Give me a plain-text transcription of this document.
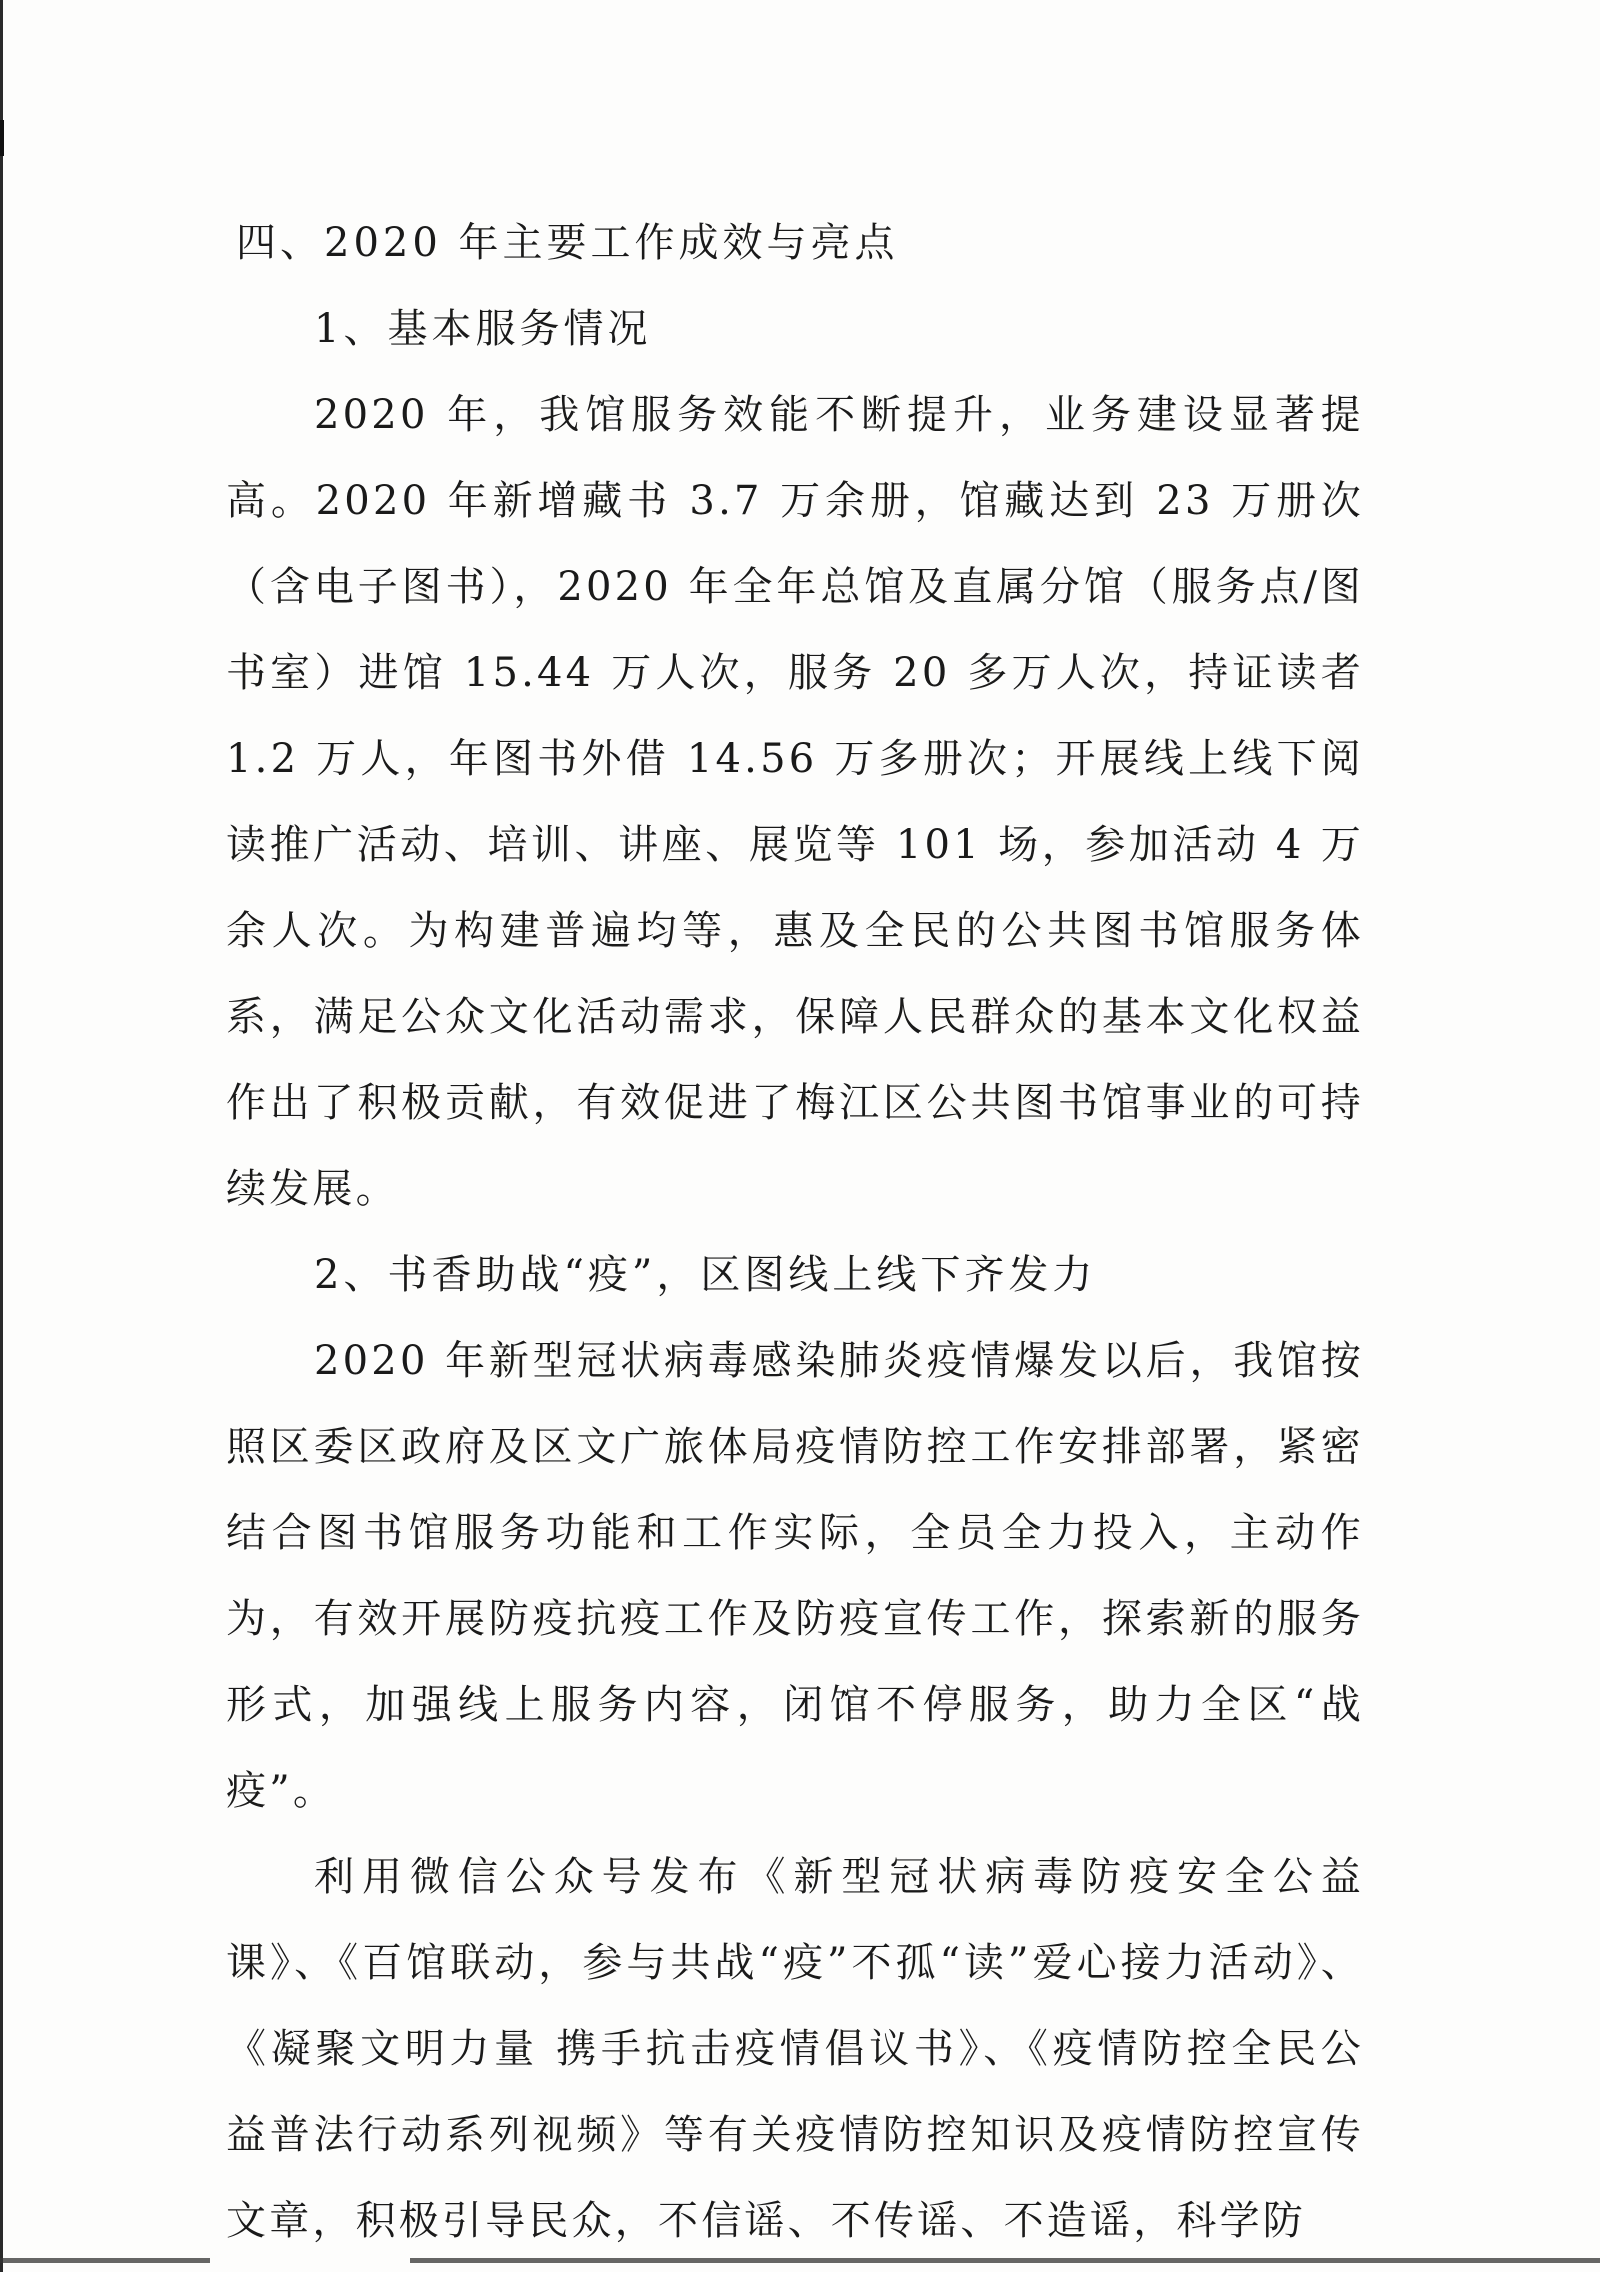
四、2020 年主要工作成效与亮点
1、基本服务情况

2020 年，我馆服务效能不断提升，业务建设显著提高。2020 年新增藏书 3.7 万余册，馆藏达到 23 万册次（含电子图书），2020 年全年总馆及直属分馆（服务点/图书室）进馆 15.44 万人次，服务 20 多万人次，持证读者 1.2 万人，年图书外借 14.56 万多册次；开展线上线下阅读推广活动、培训、讲座、展览等 101 场，参加活动 4 万余人次。为构建普遍均等，惠及全民的公共图书馆服务体系，满足公众文化活动需求，保障人民群众的基本文化权益作出了积极贡献，有效促进了梅江区公共图书馆事业的可持续发展。

2、书香助战“疫”，区图线上线下齐发力

2020 年新型冠状病毒感染肺炎疫情爆发以后，我馆按照区委区政府及区文广旅体局疫情防控工作安排部署，紧密结合图书馆服务功能和工作实际，全员全力投入，主动作为，有效开展防疫抗疫工作及防疫宣传工作，探索新的服务形式，加强线上服务内容，闭馆不停服务，助力全区“战疫”。

利用微信公众号发布《新型冠状病毒防疫安全公益课》、《百馆联动，参与共战“疫”不孤“读”爱心接力活动》、《凝聚文明力量 携手抗击疫情倡议书》、《疫情防控全民公益普法行动系列视频》等有关疫情防控知识及疫情防控宣传文章，积极引导民众，不信谣、不传谣、不造谣，科学防
